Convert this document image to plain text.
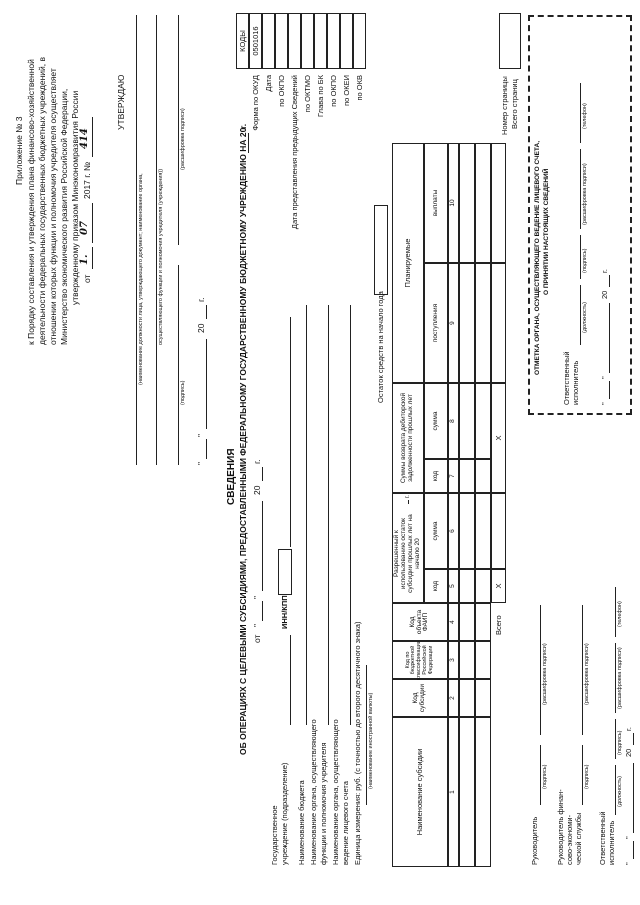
Приложение № 3 к Порядку составления и утверждения плана финансово-хозяйственной деятельности федеральных государственных бюджетных учреждений, в отношении которых функции и полномочия учредителя осуществляет Министерство экономического развития Российской Федерации, утвержденному приказом Минэкономразвития России от
1.
07
2017 г. №
414
УТВЕРЖДАЮ
(наименование должности лица, утверждающего документ; наименование органа,	осуществляющего функции и полномочия учредителя (учреждения))
(подпись)
(расшифровка подписи)
"
"
20
г.
СВЕДЕНИЯ ОБ ОПЕРАЦИЯХ С ЦЕЛЕВЫМИ СУБСИДИЯМИ, ПРЕДОСТАВЛЕННЫМИ ФЕДЕРАЛЬНОМУ ГОСУДАРСТВЕННОМУ БЮДЖЕТНОМУ УЧРЕЖДЕНИЮ НА 20
г.
от
"
"
20
г.
КОДЫ 0501016
Форма по ОКУД Дата по ОКПО Дата представления предыдущих Сведений по ОКТМО Глава по БК по ОКПО по ОКЕИ по ОКВ
Государственное учреждение (подразделение)
ИНН/КПП
Наименование бюджета Наименование органа, осуществляющего функции и полномочия учредителя Наименование органа, осуществляющего ведение лицевого счета Единица измерения: руб. (с точностью до второго десятичного знака) (наименование иностранной валюты)
Остаток средств на начало года
Наименование субсидии
Код субсидии
Код по бюджетной классификации Российской Федерации
Код объекта ФАИП
Разрешенный к использованию остаток субсидии прошлых лет на начало 20

г.
Суммы возврата дебиторской задолженности прошлых лет
Планируемые
код
сумма
код
сумма
поступления
выплаты
1
2
3
4
5
6
7
8
9
10
Всего
X
X
Номер страницы Всего страниц
Руководитель
(подпись)
(расшифровка подписи)
Руководитель финан- сово-экономи- ческой службы
(подпись)
(расшифровка подписи)
Ответственный исполнитель
(должность)
(подпись)
(расшифровка подписи)
(телефон)
"
"
20
г.
ОТМЕТКА ОРГАНА, ОСУЩЕСТВЛЯЮЩЕГО ВЕДЕНИЕ ЛИЦЕВОГО СЧЕТА, О ПРИНЯТИИ НАСТОЯЩИХ СВЕДЕНИЙ
Ответственный исполнитель
(должность)
(подпись)
(расшифровка подписи)
(телефон)
"
"
20
г.
